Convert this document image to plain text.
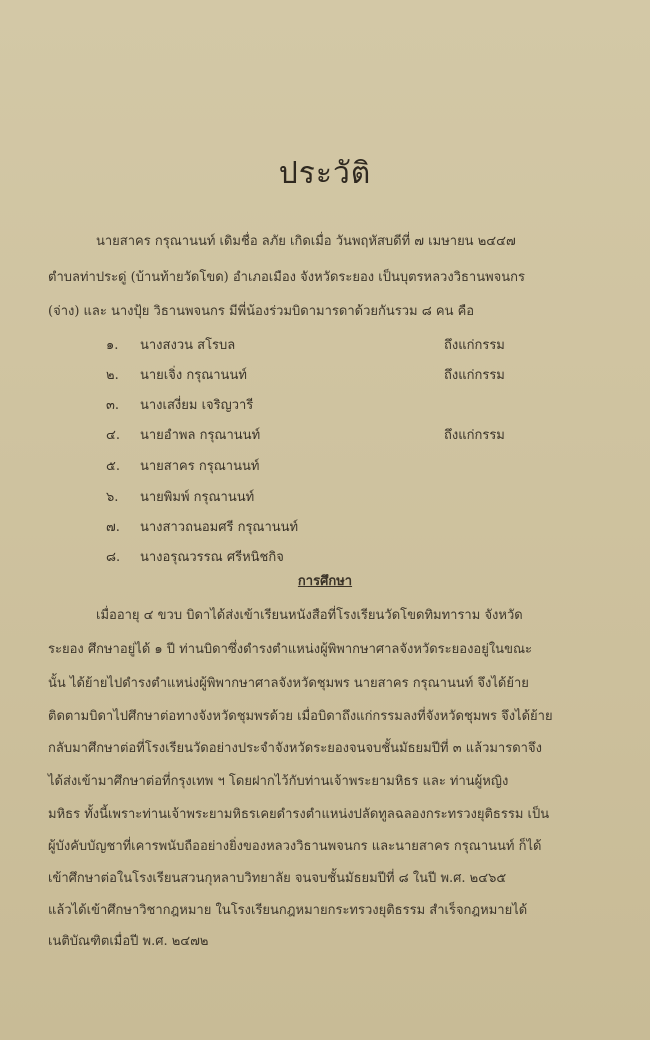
ประวัติ
นายสาคร กรุณานนท์ เดิมชื่อ ลภัย เกิดเมื่อ วันพฤหัสบดีที่ ๗ เมษายน ๒๔๔๗
ตำบลท่าประดู่ (บ้านท้ายวัดโขด) อำเภอเมือง จังหวัดระยอง เป็นบุตรหลวงวิธานพจนกร
(จ่าง) และ นางปุ้ย วิธานพจนกร มีพี่น้องร่วมบิดามารดาด้วยกันรวม ๘ คน คือ
๑. นางสงวน สโรบล	ถึงแก่กรรม
๒. นายเจิ่ง กรุณานนท์	ถึงแก่กรรม
๓. นางเสงี่ยม เจริญวารี
๔. นายอำพล กรุณานนท์	ถึงแก่กรรม
๕. นายสาคร กรุณานนท์
๖. นายพิมพ์ กรุณานนท์
๗. นางสาวถนอมศรี กรุณานนท์
๘. นางอรุณวรรณ ศรีหนิชกิจ
การศึกษา
เมื่ออายุ ๔ ขวบ บิดาได้ส่งเข้าเรียนหนังสือที่โรงเรียนวัดโขดทิมทาราม จังหวัด
ระยอง ศึกษาอยู่ได้ ๑ ปี ท่านบิดาซึ่งดำรงตำแหน่งผู้พิพากษาศาลจังหวัดระยองอยู่ในขณะ
นั้น ได้ย้ายไปดำรงตำแหน่งผู้พิพากษาศาลจังหวัดชุมพร นายสาคร กรุณานนท์ จึงได้ย้าย
ติดตามบิดาไปศึกษาต่อทางจังหวัดชุมพรด้วย เมื่อบิดาถึงแก่กรรมลงที่จังหวัดชุมพร จึงได้ย้าย
กลับมาศึกษาต่อที่โรงเรียนวัดอย่างประจำจังหวัดระยองจนจบชั้นมัธยมปีที่ ๓ แล้วมารดาจึง
ได้ส่งเข้ามาศึกษาต่อที่กรุงเทพ ฯ โดยฝากไว้กับท่านเจ้าพระยามหิธร และ ท่านผู้หญิง
มหิธร ทั้งนี้เพราะท่านเจ้าพระยามหิธรเคยดำรงตำแหน่งปลัดทูลฉลองกระทรวงยุติธรรม เป็น
ผู้บังคับบัญชาที่เคารพนับถืออย่างยิ่งของหลวงวิธานพจนกร และนายสาคร กรุณานนท์ ก็ได้
เข้าศึกษาต่อในโรงเรียนสวนกุหลาบวิทยาลัย จนจบชั้นมัธยมปีที่ ๘ ในปี พ.ศ. ๒๔๖๕
แล้วได้เข้าศึกษาวิชากฎหมาย ในโรงเรียนกฎหมายกระทรวงยุติธรรม สำเร็จกฎหมายได้
เนติบัณฑิตเมื่อปี พ.ศ. ๒๔๗๒
